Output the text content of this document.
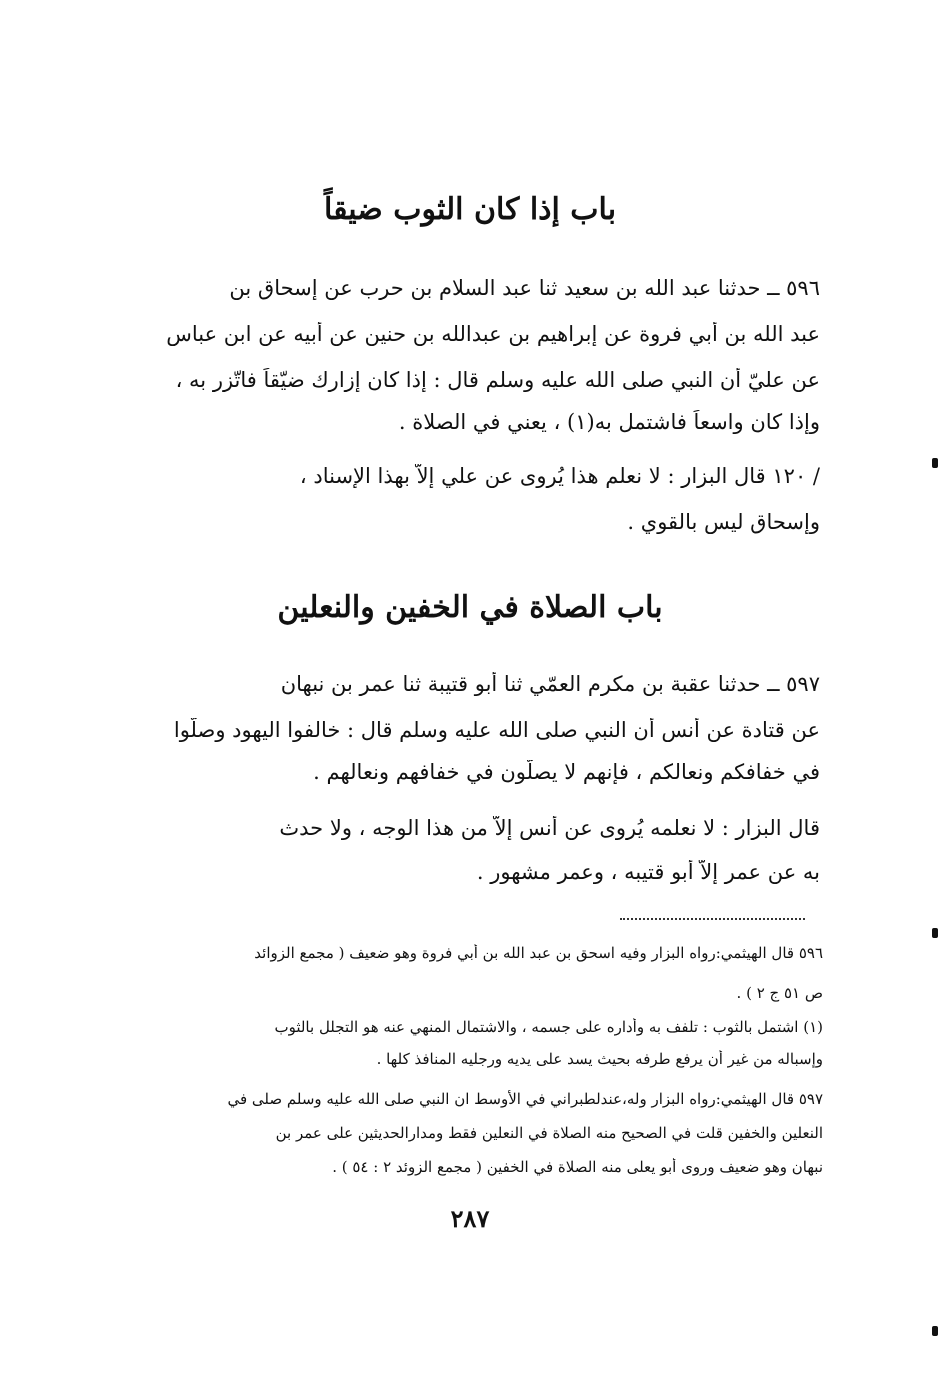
باب إذا كان الثوب ضيقاً
٥٩٦ ــ حدثنا عبد الله بن سعيد ثنا عبد السلام بن حرب عن إسحاق بن
عبد الله بن أبي فروة عن إبراهيم بن عبدالله بن حنين عن أبيه عن ابن عباس
عن عليّ أن النبي صلى الله عليه وسلم قال : إذا كان إزارك ضيّقاً فاتّزر به ،
وإذا كان واسعاً فاشتمل به(١) ، يعني في الصلاة .
/ ١٢٠ قال البزار : لا نعلم هذا يُروى عن علي إلاّ بهذا الإسناد ،
وإسحاق ليس بالقوي .
باب الصلاة في الخفين والنعلين
٥٩٧ ــ حدثنا عقبة بن مكرم العمّي ثنا أبو قتيبة ثنا عمر بن نبهان
عن قتادة عن أنس أن النبي صلى الله عليه وسلم قال : خالفوا اليهود وصلّوا
في خفافكم ونعالكم ، فإنهم لا يصلّون في خفافهم ونعالهم .
قال البزار : لا نعلمه يُروى عن أنس إلاّ من هذا الوجه ، ولا حدث
به عن عمر إلاّ أبو قتيبه ، وعمر مشهور .
٥٩٦ قال الهيثمي:رواه البزار وفيه اسحق بن عبد الله بن أبي فروة وهو ضعيف ( مجمع الزوائد
ص ٥١ ج ٢ ) .
(١) اشتمل بالثوب : تلفف به وأداره على جسمه ، والاشتمال المنهي عنه هو التجلل بالثوب
وإسباله من غير أن يرفع طرفه بحيث يسد على يديه ورجليه المنافذ كلها .
٥٩٧ قال الهيثمي:رواه البزار وله،عندلطبراني في الأوسط ان النبي صلى الله عليه وسلم صلى في
النعلين والخفين قلت في الصحيح منه الصلاة في النعلين فقط ومدارالحديثين على عمر بن
نبهان وهو ضعيف وروى أبو يعلى منه الصلاة في الخفين ( مجمع الزوئد ٢ : ٥٤ ) .
٢٨٧
